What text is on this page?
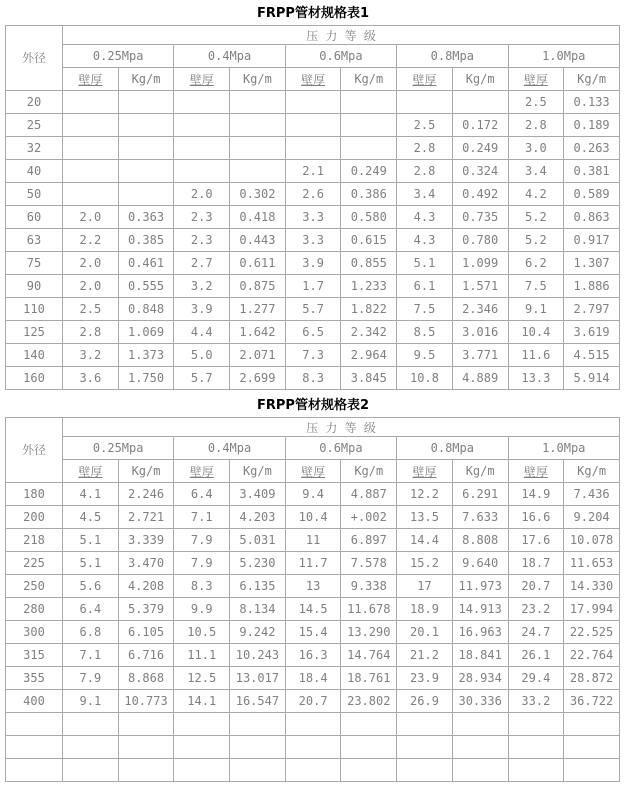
FRPP管材规格表1
外径	压 力 等 级									
	0.25Mpa		0.4Mpa		0.6Mpa		0.8Mpa		1.0Mpa	
	壁厚	Kg/m	壁厚	Kg/m	壁厚	Kg/m	壁厚	Kg/m	壁厚	Kg/m
20									2.5	0.133
25							2.5	0.172	2.8	0.189
32							2.8	0.249	3.0	0.263
40					2.1	0.249	2.8	0.324	3.4	0.381
50			2.0	0.302	2.6	0.386	3.4	0.492	4.2	0.589
60	2.0	0.363	2.3	0.418	3.3	0.580	4.3	0.735	5.2	0.863
63	2.2	0.385	2.3	0.443	3.3	0.615	4.3	0.780	5.2	0.917
75	2.0	0.461	2.7	0.611	3.9	0.855	5.1	1.099	6.2	1.307
90	2.0	0.555	3.2	0.875	1.7	1.233	6.1	1.571	7.5	1.886
110	2.5	0.848	3.9	1.277	5.7	1.822	7.5	2.346	9.1	2.797
125	2.8	1.069	4.4	1.642	6.5	2.342	8.5	3.016	10.4	3.619
140	3.2	1.373	5.0	2.071	7.3	2.964	9.5	3.771	11.6	4.515
160	3.6	1.750	5.7	2.699	8.3	3.845	10.8	4.889	13.3	5.914
FRPP管材规格表2
外径	压 力 等 级									
	0.25Mpa		0.4Mpa		0.6Mpa		0.8Mpa		1.0Mpa	
	壁厚	Kg/m	壁厚	Kg/m	壁厚	Kg/m	壁厚	Kg/m	壁厚	Kg/m
180	4.1	2.246	6.4	3.409	9.4	4.887	12.2	6.291	14.9	7.436
200	4.5	2.721	7.1	4.203	10.4	+.002	13.5	7.633	16.6	9.204
218	5.1	3.339	7.9	5.031	11	6.897	14.4	8.808	17.6	10.078
225	5.1	3.470	7.9	5.230	11.7	7.578	15.2	9.640	18.7	11.653
250	5.6	4.208	8.3	6.135	13	9.338	17	11.973	20.7	14.330
280	6.4	5.379	9.9	8.134	14.5	11.678	18.9	14.913	23.2	17.994
300	6.8	6.105	10.5	9.242	15.4	13.290	20.1	16.963	24.7	22.525
315	7.1	6.716	11.1	10.243	16.3	14.764	21.2	18.841	26.1	22.764
355	7.9	8.868	12.5	13.017	18.4	18.761	23.9	28.934	29.4	28.872
400	9.1	10.773	14.1	16.547	20.7	23.802	26.9	30.336	33.2	36.722
